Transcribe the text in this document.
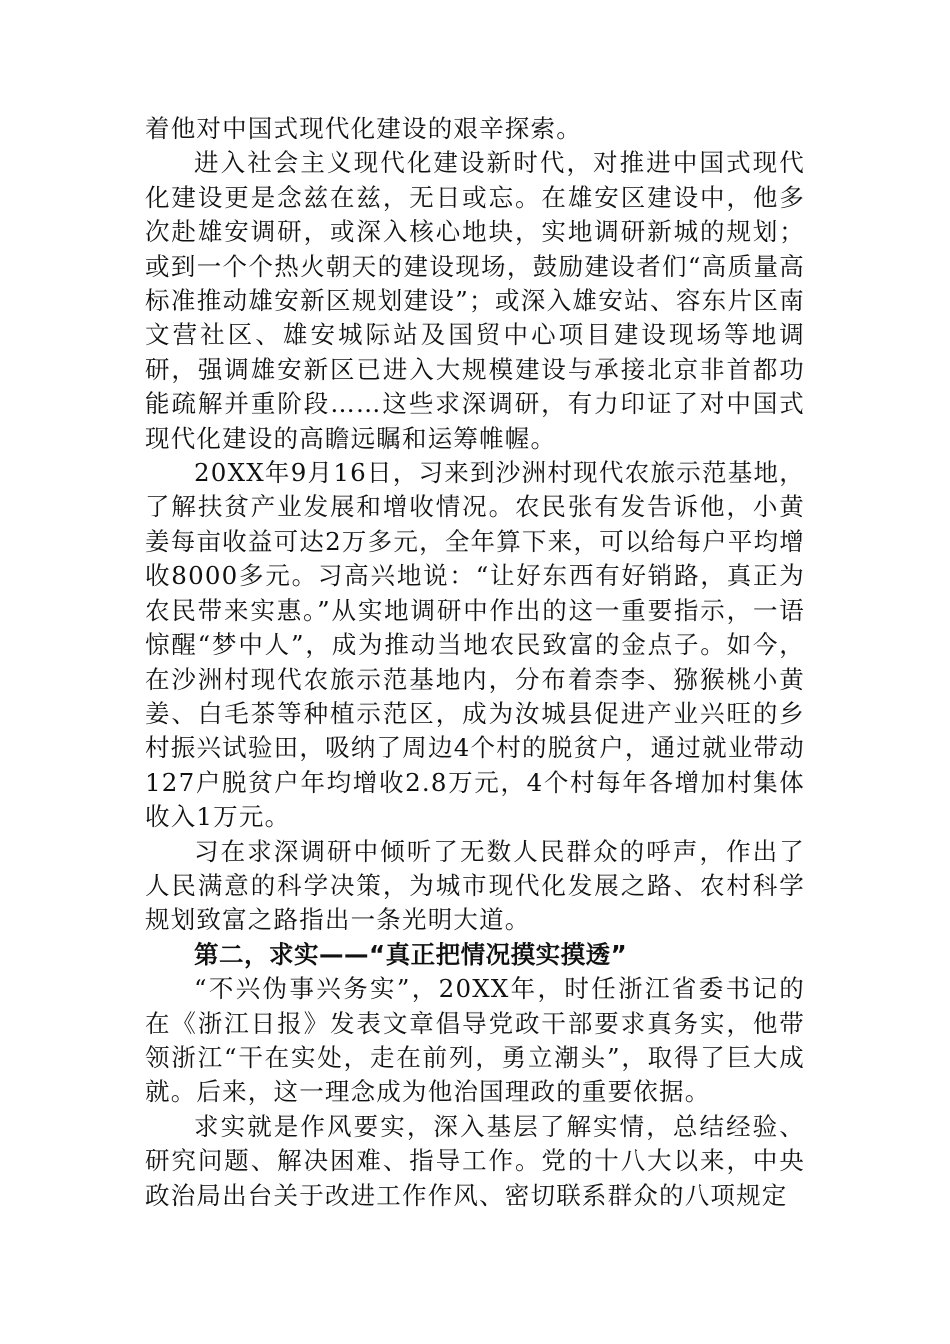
着他对中国式现代化建设的艰辛探索。

进入社会主义现代化建设新时代，对推进中国式现代化建设更是念兹在兹，无日或忘。在雄安区建设中，他多次赴雄安调研，或深入核心地块，实地调研新城的规划；或到一个个热火朝天的建设现场，鼓励建设者们“高质量高标准推动雄安新区规划建设”；或深入雄安站、容东片区南文营社区、雄安城际站及国贸中心项目建设现场等地调研，强调雄安新区已进入大规模建设与承接北京非首都功能疏解并重阶段……这些求深调研，有力印证了对中国式现代化建设的高瞻远瞩和运筹帷幄。

20XX年9月16日，习来到沙洲村现代农旅示范基地，了解扶贫产业发展和增收情况。农民张有发告诉他，小黄姜每亩收益可达2万多元，全年算下来，可以给每户平均增收8000多元。习高兴地说：“让好东西有好销路，真正为农民带来实惠。”从实地调研中作出的这一重要指示，一语惊醒“梦中人”，成为推动当地农民致富的金点子。如今，在沙洲村现代农旅示范基地内，分布着柰李、猕猴桃小黄姜、白毛茶等种植示范区，成为汝城县促进产业兴旺的乡村振兴试验田，吸纳了周边4个村的脱贫户，通过就业带动127户脱贫户年均增收2.8万元，4个村每年各增加村集体收入1万元。

习在求深调研中倾听了无数人民群众的呼声，作出了人民满意的科学决策，为城市现代化发展之路、农村科学规划致富之路指出一条光明大道。

第二，求实——“真正把情况摸实摸透”

“不兴伪事兴务实”，20XX年，时任浙江省委书记的在《浙江日报》发表文章倡导党政干部要求真务实，他带领浙江“干在实处，走在前列，勇立潮头”，取得了巨大成就。后来，这一理念成为他治国理政的重要依据。

求实就是作风要实，深入基层了解实情，总结经验、研究问题、解决困难、指导工作。党的十八大以来，中央政治局出台关于改进工作作风、密切联系群众的八项规定
